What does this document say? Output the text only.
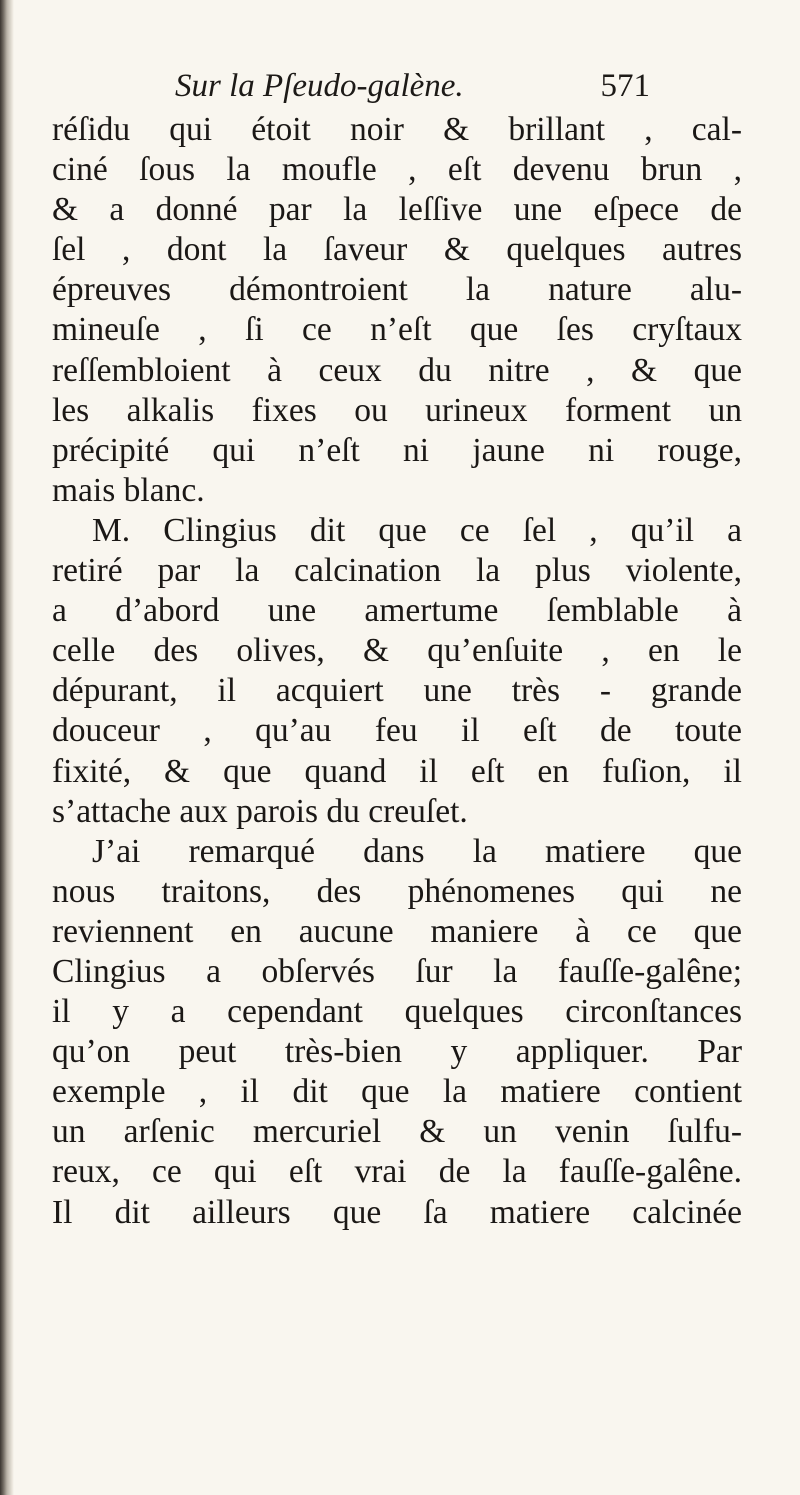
Sur la Pſeudo-galène.	571
réſidu qui étoit noir & brillant , cal-
ciné ſous la moufle , eſt devenu brun ,
& a donné par la leſſive une eſpece de
ſel , dont la ſaveur & quelques autres
épreuves démontroient la nature alu-
mineuſe , ſi ce n’eſt que ſes cryſtaux
reſſembloient à ceux du nitre , & que
les alkalis fixes ou urineux forment un
précipité qui n’eſt ni jaune ni rouge,
mais blanc.
M. Clingius dit que ce ſel , qu’il a
retiré par la calcination la plus violente,
a d’abord une amertume ſemblable à
celle des olives, & qu’enſuite , en le
dépurant, il acquiert une très - grande
douceur , qu’au feu il eſt de toute
fixité, & que quand il eſt en fuſion, il
s’attache aux parois du creuſet.
J’ai remarqué dans la matiere que
nous traitons, des phénomenes qui ne
reviennent en aucune maniere à ce que
Clingius a obſervés ſur la fauſſe-galêne;
il y a cependant quelques circonſtances
qu’on peut très-bien y appliquer. Par
exemple , il dit que la matiere contient
un arſenic mercuriel & un venin ſulfu-
reux, ce qui eſt vrai de la fauſſe-galêne.
Il dit ailleurs que ſa matiere calcinée
